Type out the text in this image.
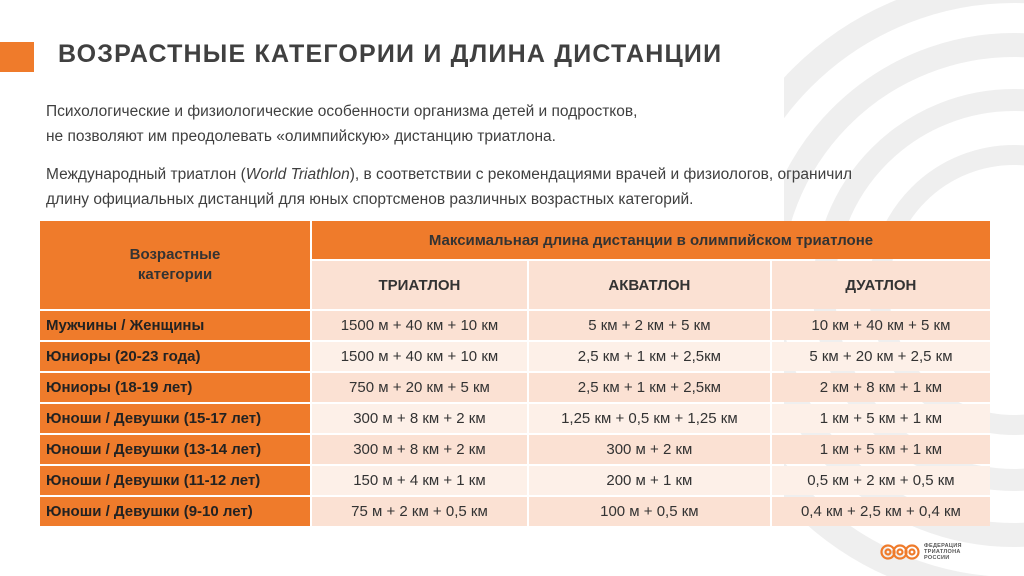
ВОЗРАСТНЫЕ КАТЕГОРИИ И ДЛИНА ДИСТАНЦИИ
Психологические и физиологические особенности организма детей и подростков,
не позволяют им преодолевать «олимпийскую» дистанцию триатлона.
Международный триатлон (World Triathlon), в соответствии с рекомендациями врачей и физиологов, ограничил
длину официальных дистанций для юных спортсменов различных возрастных категорий.
Возрастные
категории	Максимальная длина дистанции в олимпийском триатлоне		
	ТРИАТЛОН	АКВАТЛОН	ДУАТЛОН
Мужчины / Женщины	1500 м + 40 км + 10 км	5 км + 2 км + 5 км	10 км + 40 км + 5 км
Юниоры (20-23 года)	1500 м + 40 км + 10 км	2,5 км + 1 км + 2,5км	5 км + 20 км + 2,5 км
Юниоры (18-19 лет)	750 м + 20 км + 5 км	2,5 км + 1 км + 2,5км	2 км + 8 км + 1 км
Юноши / Девушки (15-17 лет)	300 м + 8 км + 2 км	1,25 км + 0,5 км + 1,25 км	1 км + 5 км + 1 км
Юноши / Девушки (13-14 лет)	300 м + 8 км + 2 км	300 м + 2 км	1 км + 5 км + 1 км
Юноши / Девушки (11-12 лет)	150 м + 4 км + 1 км	200 м + 1 км	0,5 км + 2 км + 0,5 км
Юноши / Девушки (9-10 лет)	75 м + 2 км + 0,5 км	100 м + 0,5 км	0,4 км + 2,5 км + 0,4 км
ФЕДЕРАЦИЯ
ТРИАТЛОНА
РОССИИ
